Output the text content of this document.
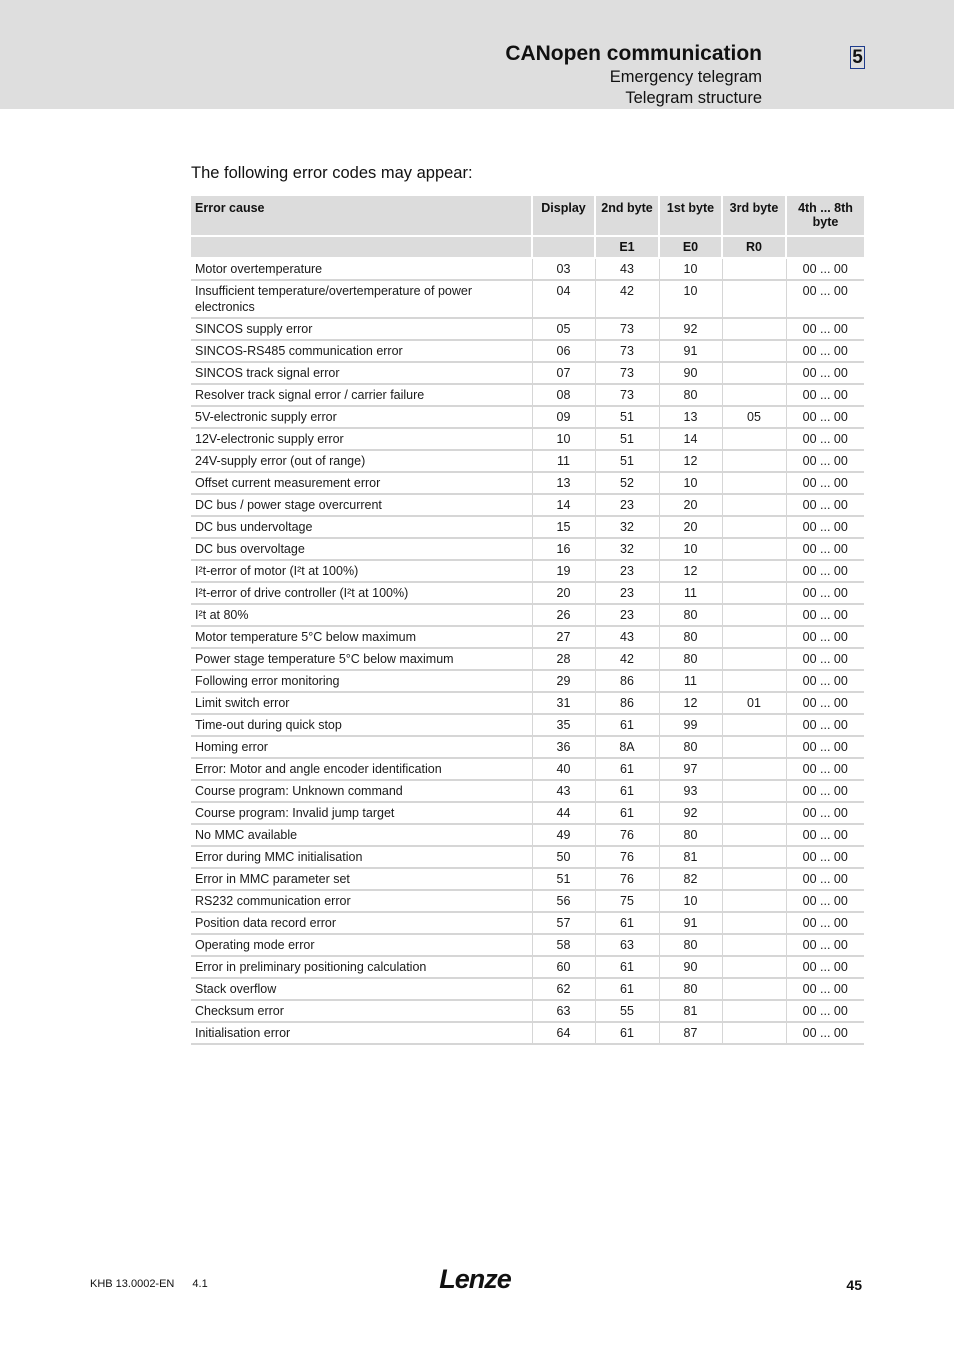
CANopen communication
Emergency telegram
Telegram structure
5
The following error codes may appear:
Error cause	Display	2nd byte	1st byte	3rd byte	4th ... 8th byte
		E1	E0	R0	
Motor overtemperature	03	43	10		00 ... 00
Insufficient temperature/overtemperature of power electronics	04	42	10		00 ... 00
SINCOS supply error	05	73	92		00 ... 00
SINCOS-RS485 communication error	06	73	91		00 ... 00
SINCOS track signal error	07	73	90		00 ... 00
Resolver track signal error / carrier failure	08	73	80		00 ... 00
5V-electronic supply error	09	51	13	05	00 ... 00
12V-electronic supply error	10	51	14		00 ... 00
24V-supply error (out of range)	11	51	12		00 ... 00
Offset current measurement error	13	52	10		00 ... 00
DC bus / power stage overcurrent	14	23	20		00 ... 00
DC bus undervoltage	15	32	20		00 ... 00
DC bus overvoltage	16	32	10		00 ... 00
I²t-error of motor (I²t at 100%)	19	23	12		00 ... 00
I²t-error of drive controller (I²t at 100%)	20	23	11		00 ... 00
I²t at 80%	26	23	80		00 ... 00
Motor temperature 5°C below maximum	27	43	80		00 ... 00
Power stage temperature 5°C below maximum	28	42	80		00 ... 00
Following error monitoring	29	86	11		00 ... 00
Limit switch error	31	86	12	01	00 ... 00
Time-out during quick stop	35	61	99		00 ... 00
Homing error	36	8A	80		00 ... 00
Error: Motor and angle encoder identification	40	61	97		00 ... 00
Course program: Unknown command	43	61	93		00 ... 00
Course program: Invalid jump target	44	61	92		00 ... 00
No MMC available	49	76	80		00 ... 00
Error during MMC initialisation	50	76	81		00 ... 00
Error in MMC parameter set	51	76	82		00 ... 00
RS232 communication error	56	75	10		00 ... 00
Position data record error	57	61	91		00 ... 00
Operating mode error	58	63	80		00 ... 00
Error in preliminary positioning calculation	60	61	90		00 ... 00
Stack overflow	62	61	80		00 ... 00
Checksum error	63	55	81		00 ... 00
Initialisation error	64	61	87		00 ... 00
KHB 13.0002-EN 4.1	Lenze	45
